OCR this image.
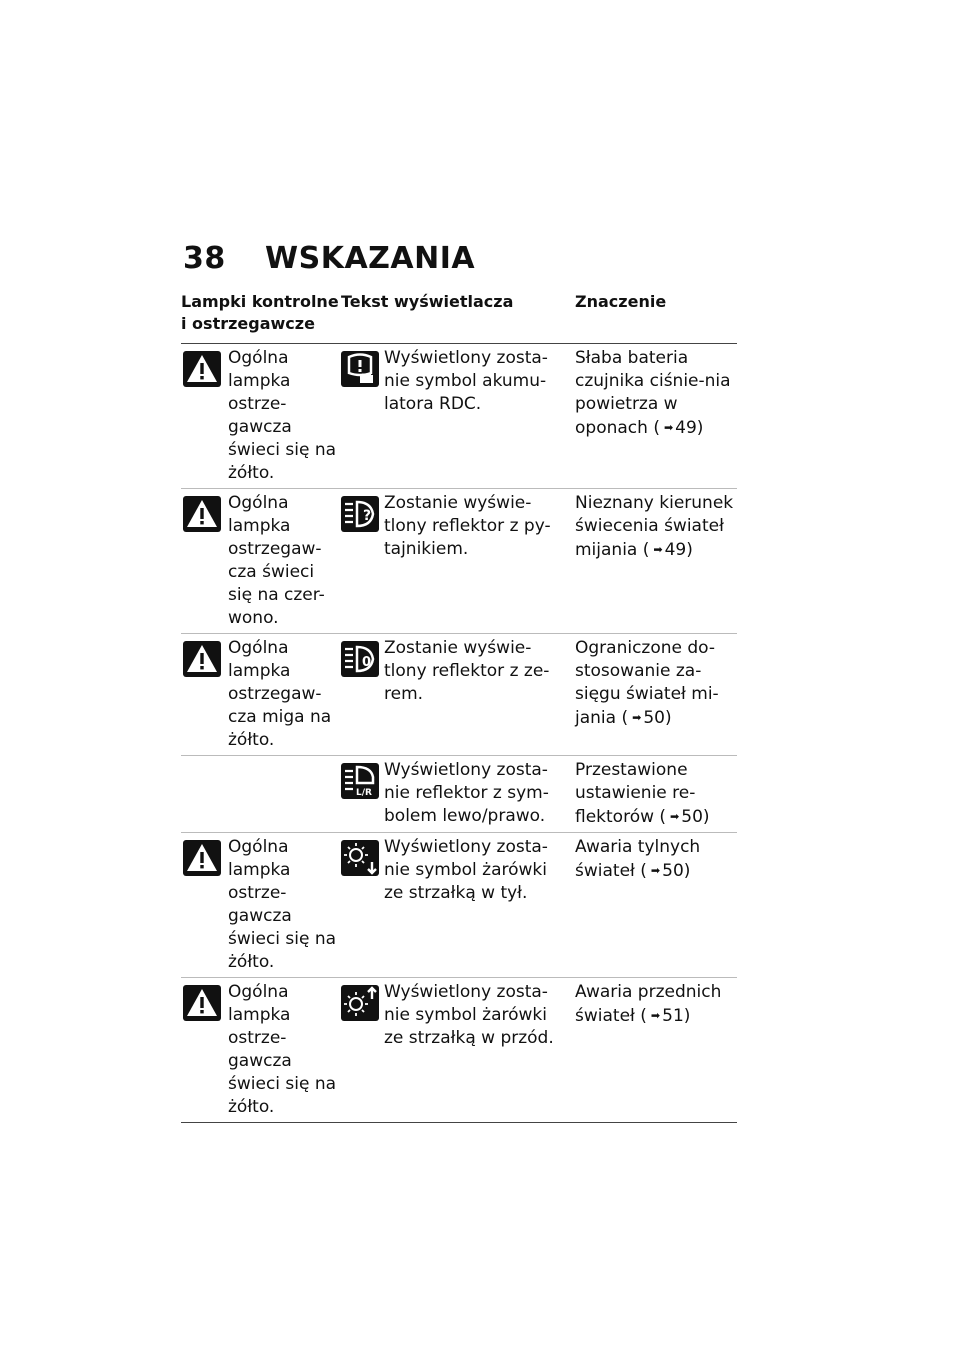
38	WSKAZANIA
Lampki kontrolne i ostrzegawcze
Tekst wyświetlacza	Znaczenie
Ogólna lampka ostrze-gawcza świeci się na żółto.
Wyświetlony zosta-nie symbol akumu-latora RDC.
Słaba bateria czujnika ciśnie-nia powietrza w oponach ( ➡ 49)
Ogólna lampka ostrzegaw-cza świeci się na czer-wono.
Zostanie wyświe-tlony reflektor z py-tajnikiem.
Nieznany kierunek świecenia świateł mijania ( ➡ 49)
Ogólna lampka ostrzegaw-cza miga na żółto.
Zostanie wyświe-tlony reflektor z ze-rem.
Ograniczone do-stosowanie za-sięgu świateł mi-jania ( ➡ 50)
Wyświetlony zosta-nie reflektor z sym-bolem lewo/prawo.
Przestawione ustawienie re-flektorów ( ➡ 50)
Ogólna lampka ostrze-gawcza świeci się na żółto.
Wyświetlony zosta-nie symbol żarówki ze strzałką w tył.
Awaria tylnych świateł ( ➡ 50)
Ogólna lampka ostrze-gawcza świeci się na żółto.
Wyświetlony zosta-nie symbol żarówki ze strzałką w przód.
Awaria przednich świateł ( ➡ 51)
